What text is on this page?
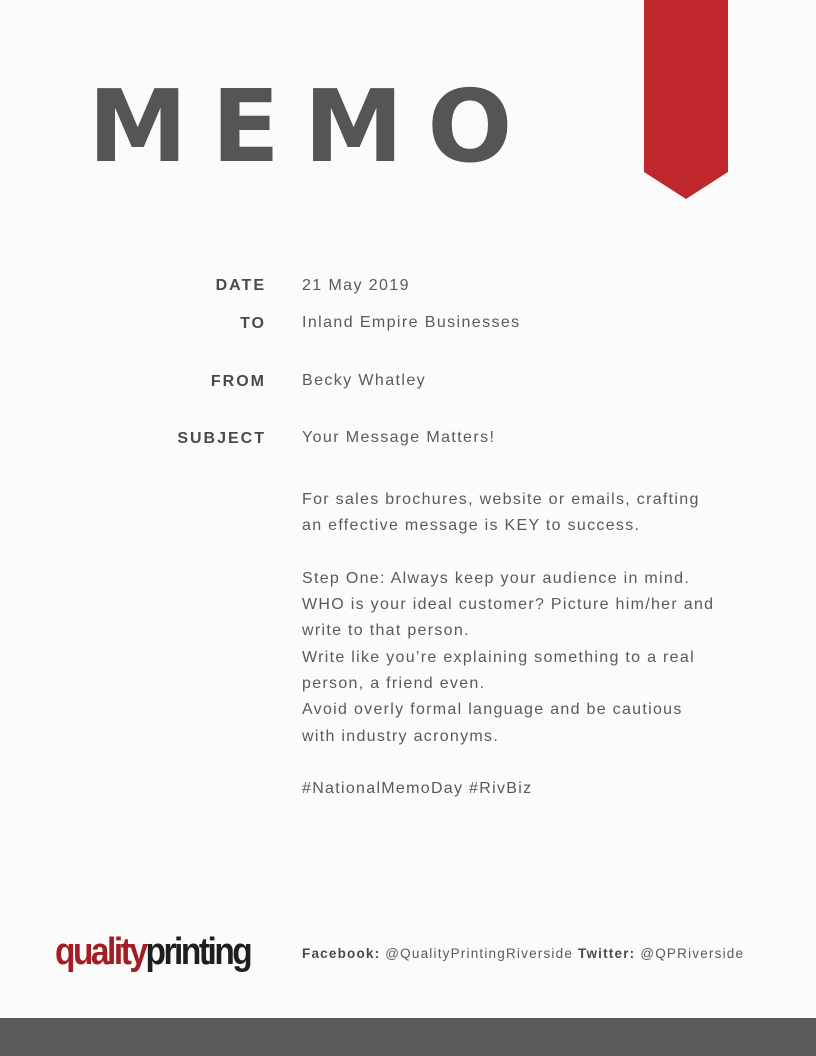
MEMO
DATE 21 May 2019
TO Inland Empire Businesses
FROM Becky Whatley
SUBJECT Your Message Matters!

For sales brochures, website or emails, crafting an effective message is KEY to success.

Step One: Always keep your audience in mind. WHO is your ideal customer? Picture him/her and write to that person.

Write like you’re explaining something to a real person, a friend even.

Avoid overly formal language and be cautious with industry acronyms.

#NationalMemoDay #RivBiz

qualityprinting	Facebook: @QualityPrintingRiverside Twitter: @QPRiverside
